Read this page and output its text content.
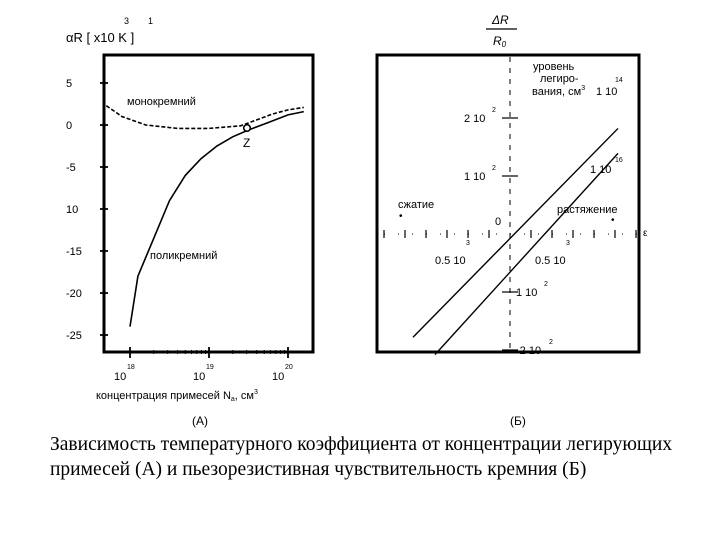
αR [ x10 K ]
3 1
5
0
-5
10
-15
-20
-25
10
18
10
19
10
20
Z
монокремний
поликремний
концентрация примесей Na, $см^3$
(А)
ΔR
R0
•	•
2 10
2
1 10
2
1 10
2
-2 10
2
0.5 10
3
0.5 10
3
1 10
14
1 10
16
уровень
легиро-
вания, $см^3$
сжатие	растяжение
0
ε
(Б)

Зависимость температурного коэффициента от концентрации легирующих примесей (А) и пьезорезистивная чувствительность кремния (Б)
